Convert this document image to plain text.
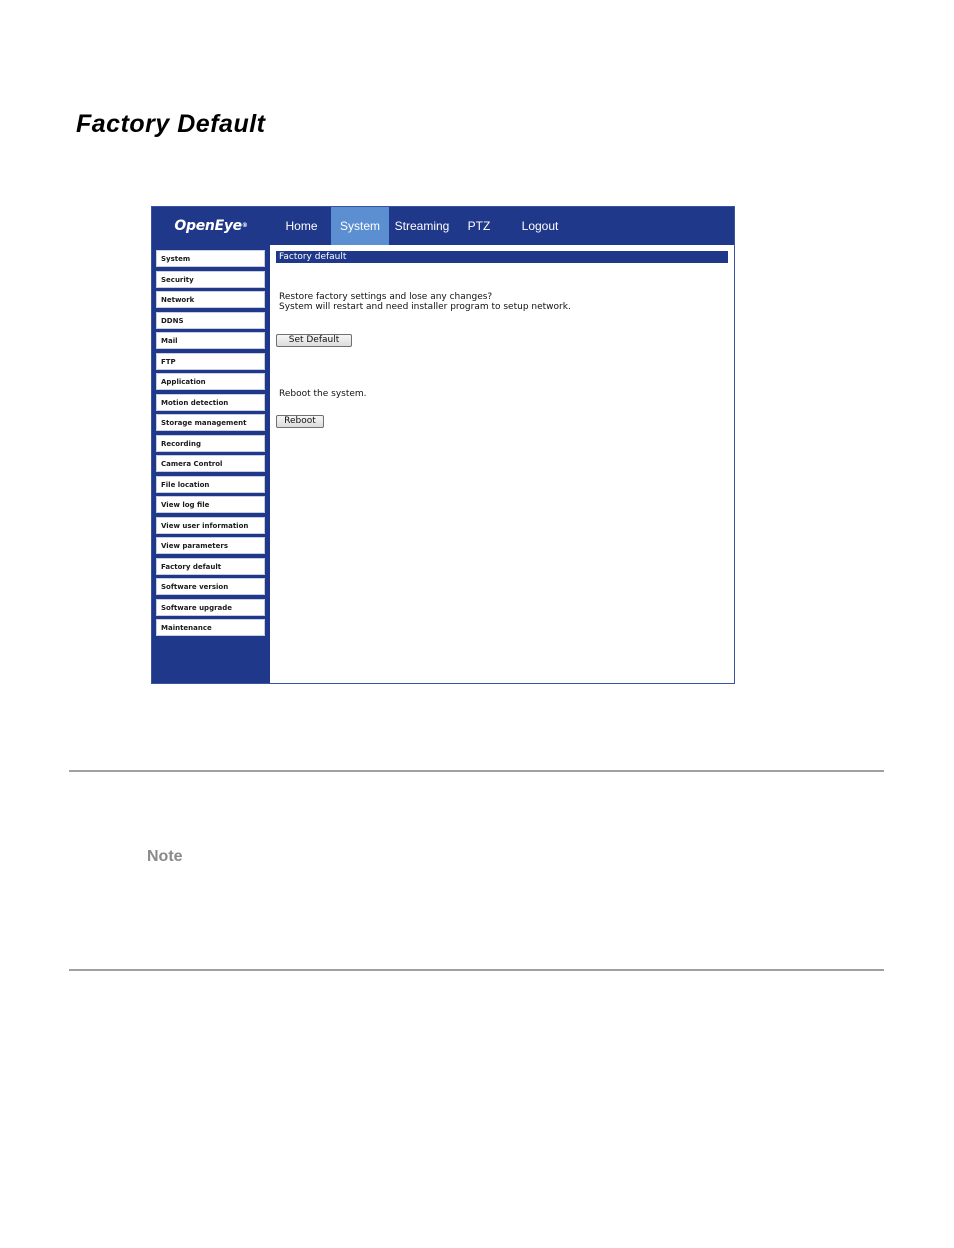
Factory Default
OpenEye®	Home	System	Streaming	PTZ	Logout
System
Security
Network
DDNS
Mail
FTP
Application
Motion detection
Storage management
Recording
Camera Control
File location
View log file
View user information
View parameters
Factory default
Software version
Software upgrade
Maintenance
Factory default
Restore factory settings and lose any changes?
System will restart and need installer program to setup network.
Set Default
Reboot the system.
Reboot
Note
